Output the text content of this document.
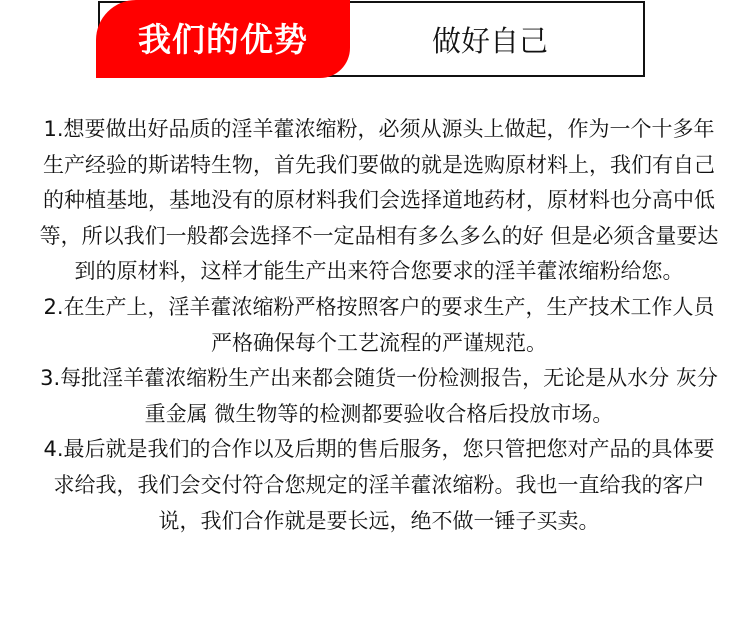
我们的优势	做好自己

1.想要做出好品质的淫羊藿浓缩粉，必须从源头上做起，作为一个十多年生产经验的斯诺特生物，首先我们要做的就是选购原材料上，我们有自己的种植基地，基地没有的原材料我们会选择道地药材，原材料也分高中低等，所以我们一般都会选择不一定品相有多么多么的好 但是必须含量要达到的原材料，这样才能生产出来符合您要求的淫羊藿浓缩粉给您。

2.在生产上，淫羊藿浓缩粉严格按照客户的要求生产，生产技术工作人员严格确保每个工艺流程的严谨规范。

3.每批淫羊藿浓缩粉生产出来都会随货一份检测报告，无论是从水分 灰分 重金属 微生物等的检测都要验收合格后投放市场。

4.最后就是我们的合作以及后期的售后服务，您只管把您对产品的具体要求给我，我们会交付符合您规定的淫羊藿浓缩粉。我也一直给我的客户说，我们合作就是要长远，绝不做一锤子买卖。
